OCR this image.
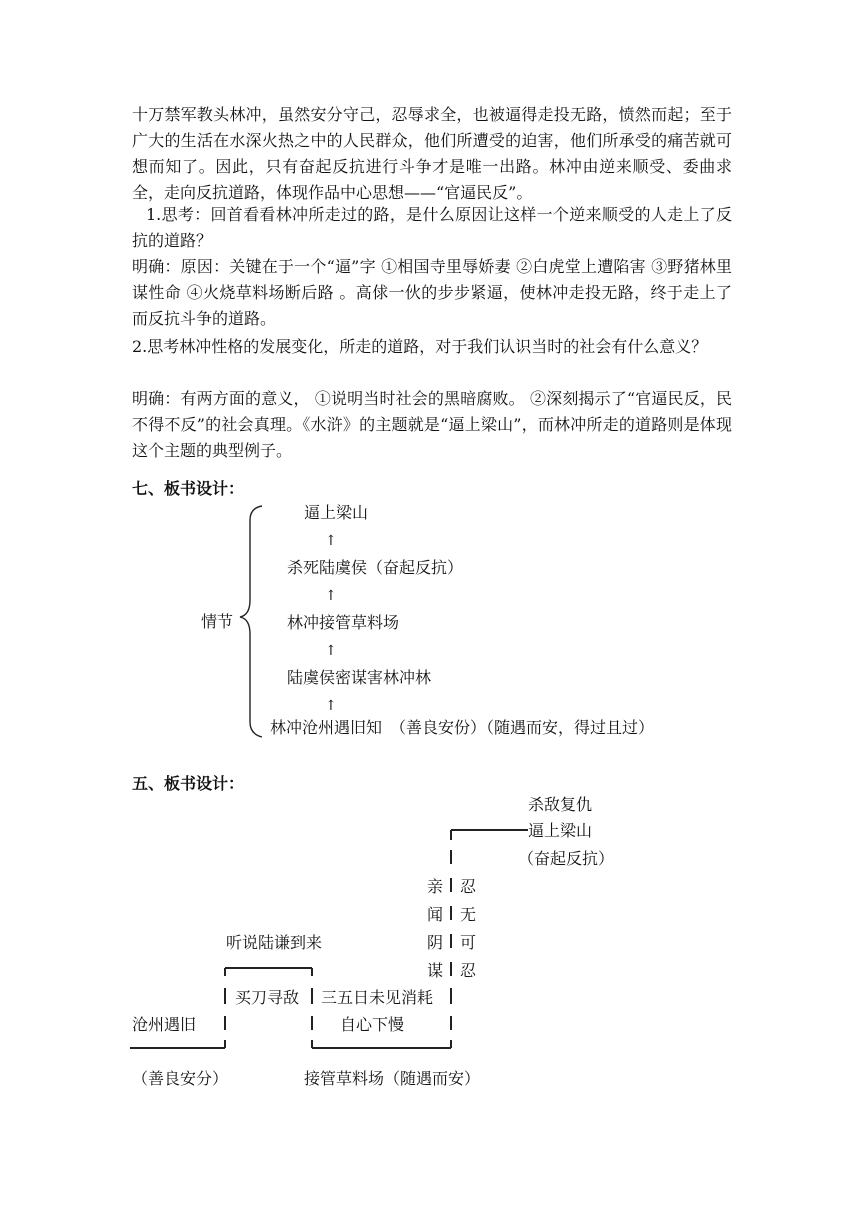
十万禁军教头林冲，虽然安分守己，忍辱求全，也被逼得走投无路，愤然而起；至于广大的生活在水深火热之中的人民群众，他们所遭受的迫害，他们所承受的痛苦就可想而知了。因此，只有奋起反抗进行斗争才是唯一出路。林冲由逆来顺受、委曲求全，走向反抗道路，体现作品中心思想——“官逼民反”。

1.思考：回首看看林冲所走过的路，是什么原因让这样一个逆来顺受的人走上了反抗的道路？

明确：原因：关键在于一个“逼”字 ①相国寺里辱娇妻 ②白虎堂上遭陷害 ③野猪林里谋性命 ④火烧草料场断后路 。高俅一伙的步步紧逼，使林冲走投无路，终于走上了而反抗斗争的道路。

2.思考林冲性格的发展变化，所走的道路，对于我们认识当时的社会有什么意义？

明确：有两方面的意义， ①说明当时社会的黑暗腐败。 ②深刻揭示了“官逼民反，民不得不反”的社会真理。《水浒》的主题就是“逼上梁山”，而林冲所走的道路则是体现这个主题的典型例子。

七、板书设计：

情节
逼上梁山
↑
杀死陆虞侯（奋起反抗）
↑
林冲接管草料场
↑
陆虞侯密谋害林冲林
↑
林冲沧州遇旧知　（善良安份）（随遇而安，得过且过）

五、板书设计：

杀敌复仇
逼上梁山
（奋起反抗）
亲
闻
阴
谋
忍
无
可
忍
听说陆谦到来
买刀寻敌 三五日未见消耗
自心下慢
沧州遇旧
（善良安分）	接管草料场（随遇而安）
